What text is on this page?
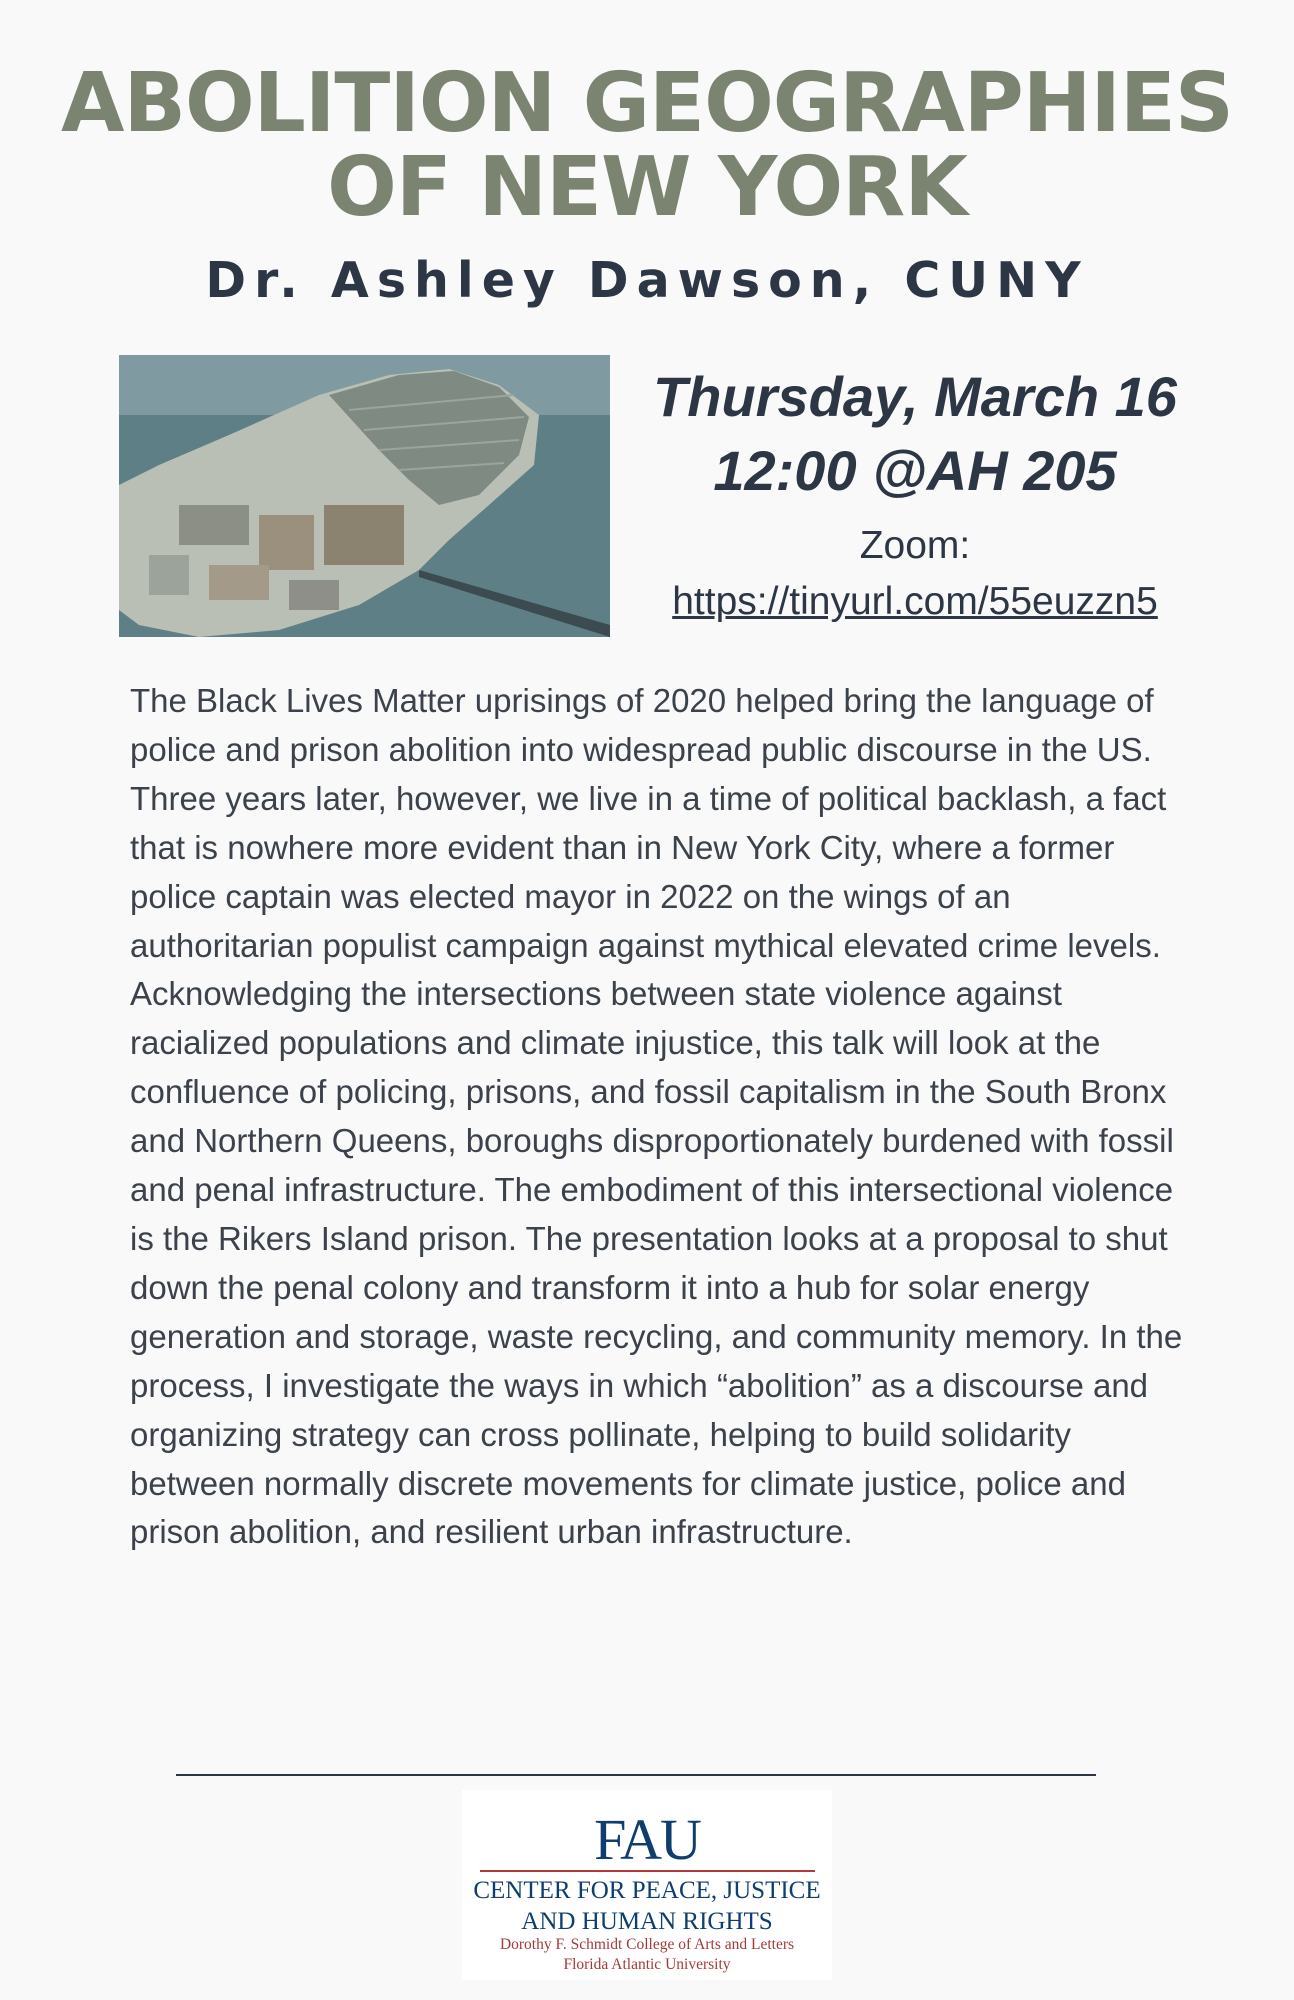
ABOLITION GEOGRAPHIES
OF NEW YORK
Dr. Ashley Dawson, CUNY
Thursday, March 16
12:00 @AH 205
Zoom:
https://tinyurl.com/55euzzn5

The Black Lives Matter uprisings of 2020 helped bring the language of police and prison abolition into widespread public discourse in the US. Three years later, however, we live in a time of political backlash, a fact that is nowhere more evident than in New York City, where a former police captain was elected mayor in 2022 on the wings of an authoritarian populist campaign against mythical elevated crime levels. Acknowledging the intersections between state violence against racialized populations and climate injustice, this talk will look at the confluence of policing, prisons, and fossil capitalism in the South Bronx and Northern Queens, boroughs disproportionately burdened with fossil and penal infrastructure. The embodiment of this intersectional violence is the Rikers Island prison. The presentation looks at a proposal to shut down the penal colony and transform it into a hub for solar energy generation and storage, waste recycling, and community memory. In the process, I investigate the ways in which “abolition” as a discourse and organizing strategy can cross pollinate, helping to build solidarity between normally discrete movements for climate justice, police and prison abolition, and resilient urban infrastructure.

FAU
CENTER FOR PEACE, JUSTICE
AND HUMAN RIGHTS
Dorothy F. Schmidt College of Arts and Letters
Florida Atlantic University
